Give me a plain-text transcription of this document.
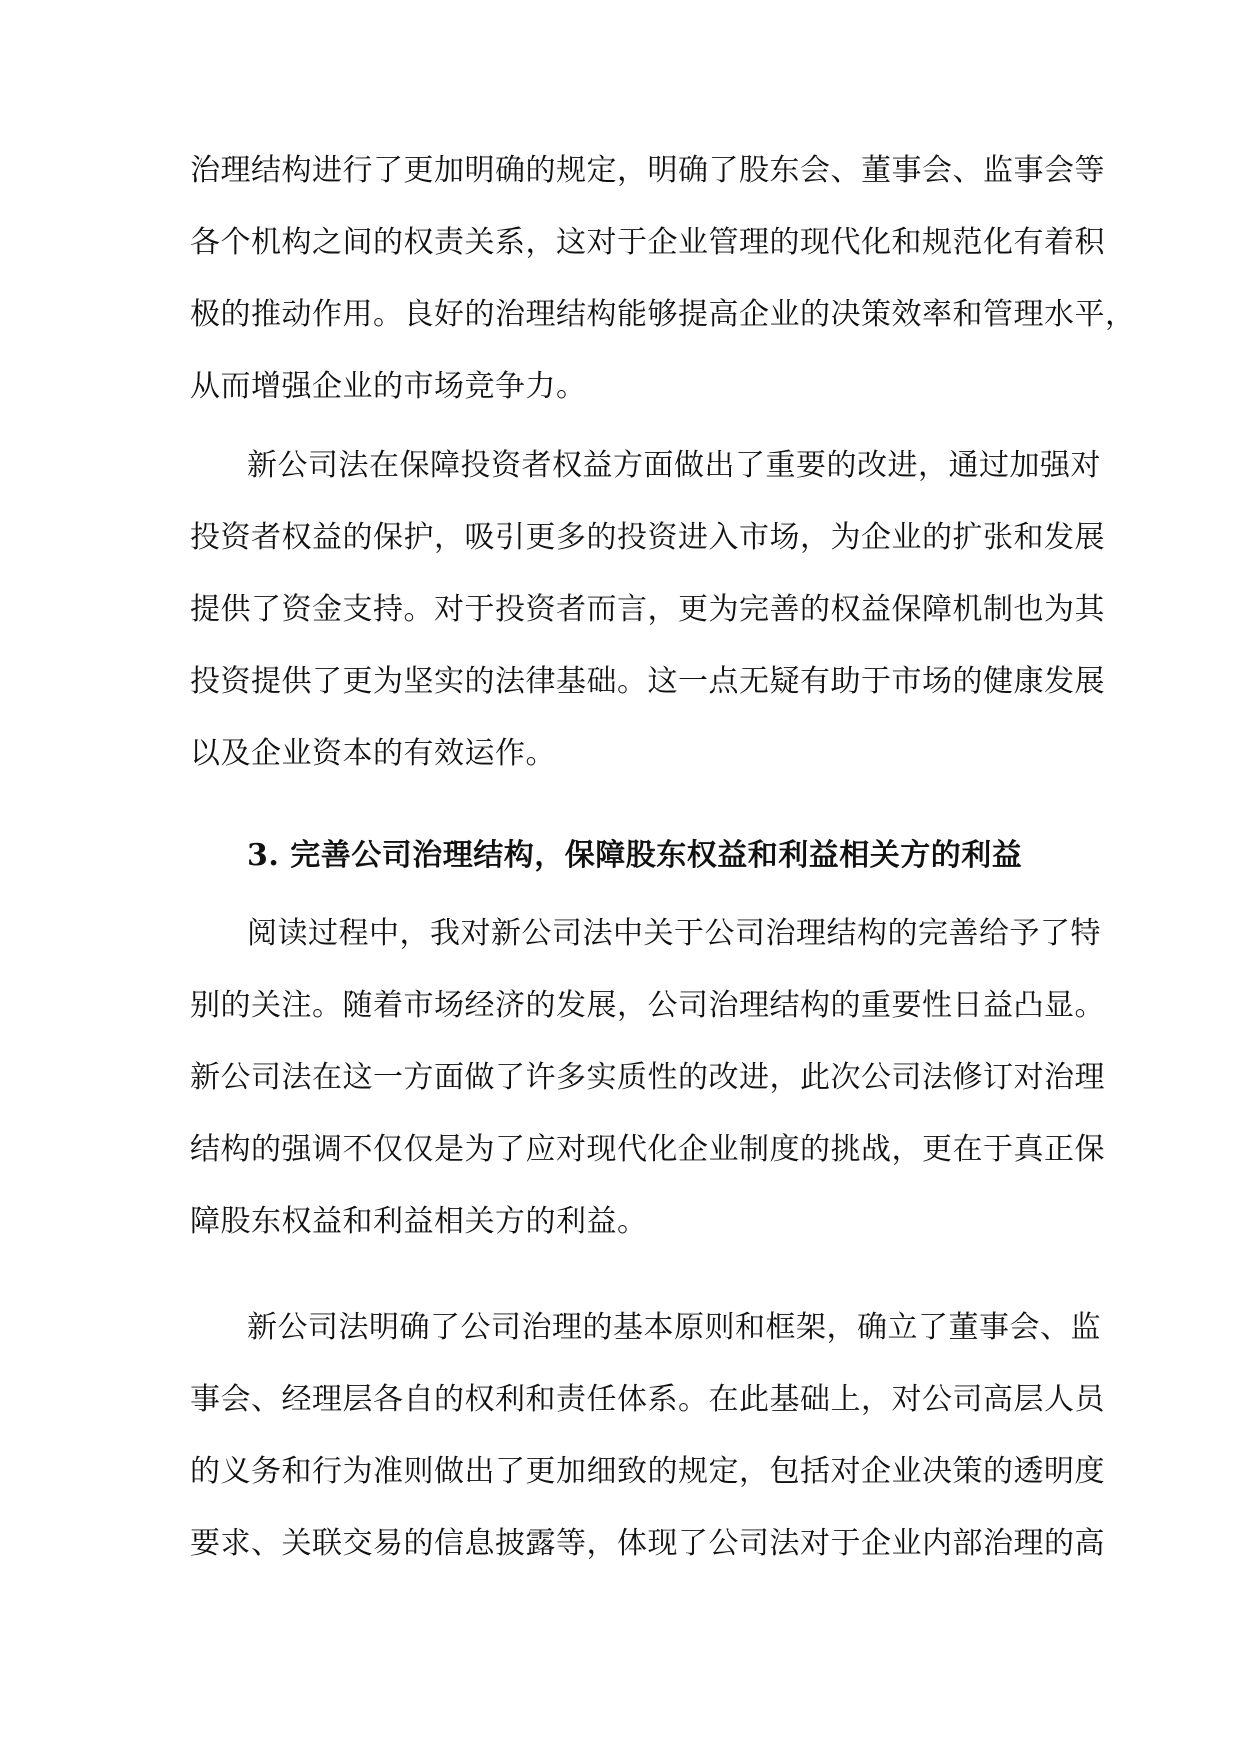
治理结构进行了更加明确的规定，明确了股东会、董事会、监事会等
各个机构之间的权责关系，这对于企业管理的现代化和规范化有着积
极的推动作用。良好的治理结构能够提高企业的决策效率和管理水平，
从而增强企业的市场竞争力。
新公司法在保障投资者权益方面做出了重要的改进，通过加强对
投资者权益的保护，吸引更多的投资进入市场，为企业的扩张和发展
提供了资金支持。对于投资者而言，更为完善的权益保障机制也为其
投资提供了更为坚实的法律基础。这一点无疑有助于市场的健康发展
以及企业资本的有效运作。
3. 完善公司治理结构，保障股东权益和利益相关方的利益
阅读过程中，我对新公司法中关于公司治理结构的完善给予了特
别的关注。随着市场经济的发展，公司治理结构的重要性日益凸显。
新公司法在这一方面做了许多实质性的改进，此次公司法修订对治理
结构的强调不仅仅是为了应对现代化企业制度的挑战，更在于真正保
障股东权益和利益相关方的利益。
新公司法明确了公司治理的基本原则和框架，确立了董事会、监
事会、经理层各自的权利和责任体系。在此基础上，对公司高层人员
的义务和行为准则做出了更加细致的规定，包括对企业决策的透明度
要求、关联交易的信息披露等，体现了公司法对于企业内部治理的高
